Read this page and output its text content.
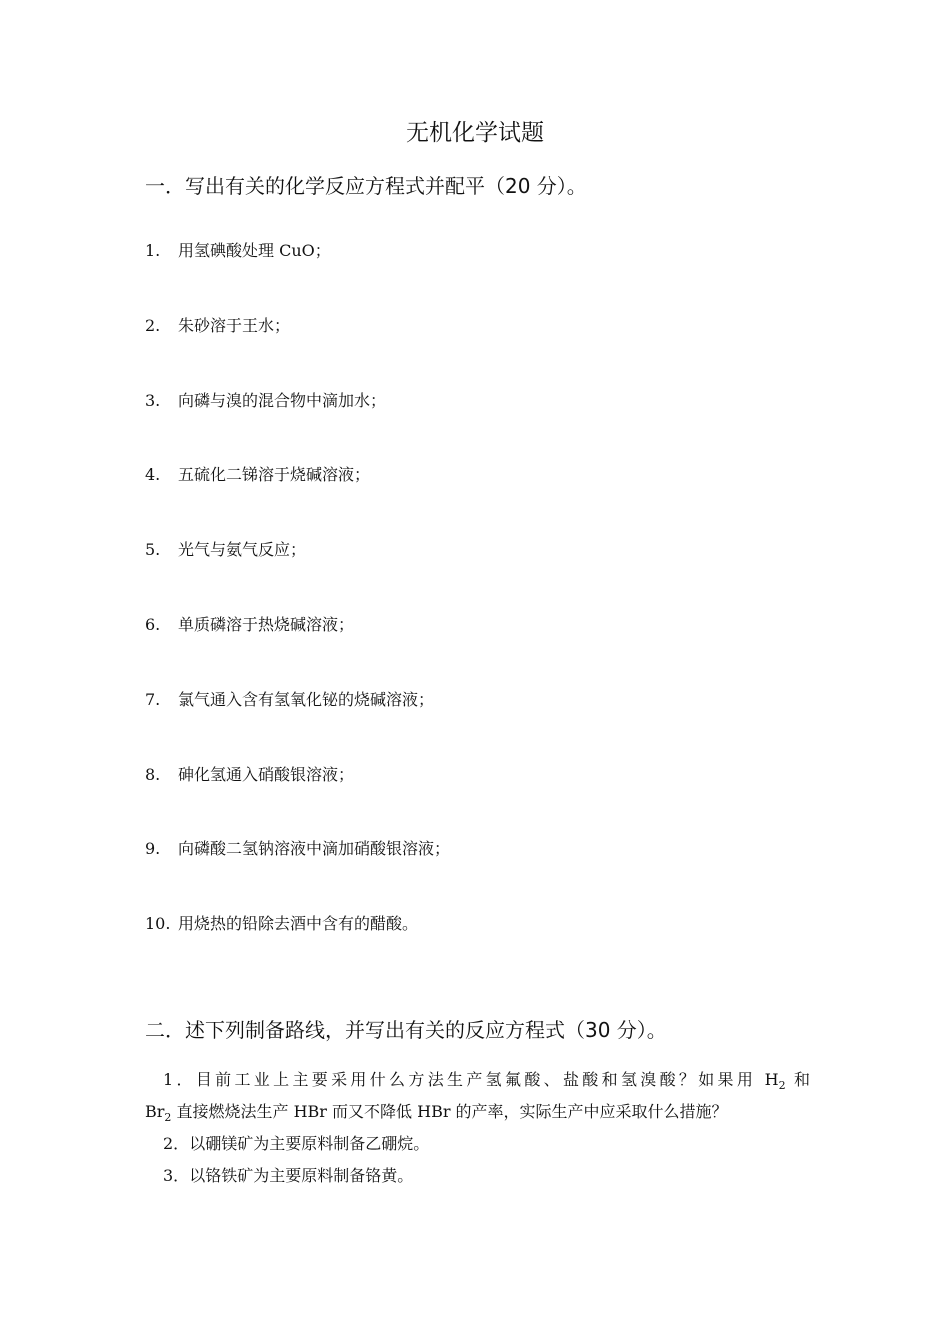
无机化学试题
一．写出有关的化学反应方程式并配平（20 分）。
1. 用氢碘酸处理 CuO；
2. 朱砂溶于王水；
3. 向磷与溴的混合物中滴加水；
4. 五硫化二锑溶于烧碱溶液；
5. 光气与氨气反应；
6. 单质磷溶于热烧碱溶液；
7. 氯气通入含有氢氧化铋的烧碱溶液；
8. 砷化氢通入硝酸银溶液；
9. 向磷酸二氢钠溶液中滴加硝酸银溶液；
10. 用烧热的铅除去酒中含有的醋酸。
二．述下列制备路线，并写出有关的反应方程式（30 分）。

1．目前工业上主要采用什么方法生产氢氟酸、盐酸和氢溴酸？如果用 $H_2$ 和
$Br_2$ 直接燃烧法生产 HBr 而又不降低 HBr 的产率，实际生产中应采取什么措施？

2．以硼镁矿为主要原料制备乙硼烷。

3．以铬铁矿为主要原料制备铬黄。
